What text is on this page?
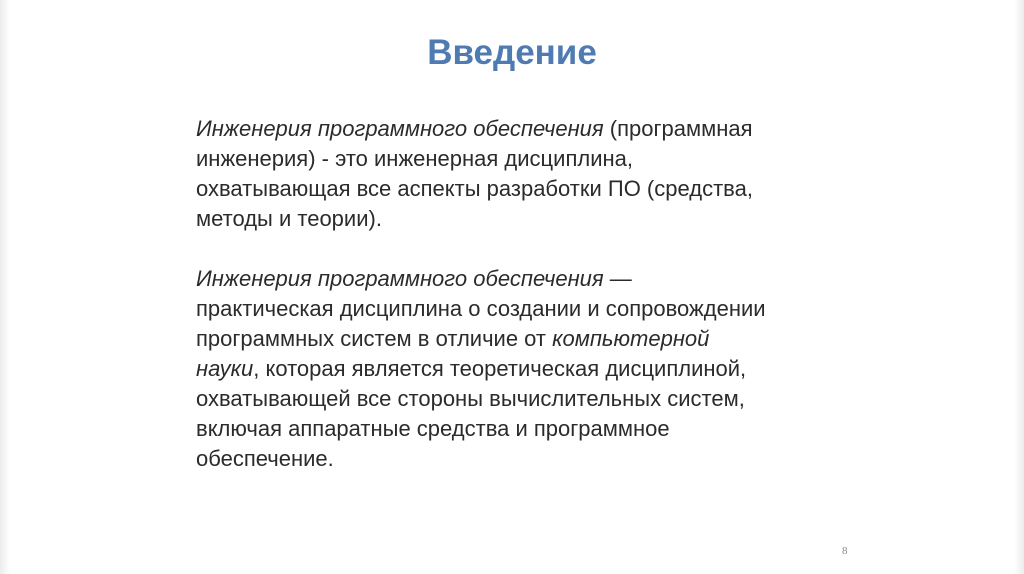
Введение

Инженерия программного обеспечения (программная
инженерия) - это инженерная дисциплина,
охватывающая все аспекты разработки ПО (средства,
методы и теории).

Инженерия программного обеспечения —
практическая дисциплина о создании и сопровождении
программных систем в отличие от компьютерной
науки, которая является теоретическая дисциплиной,
охватывающей все стороны вычислительных систем,
включая аппаратные средства и программное
обеспечение.

8
